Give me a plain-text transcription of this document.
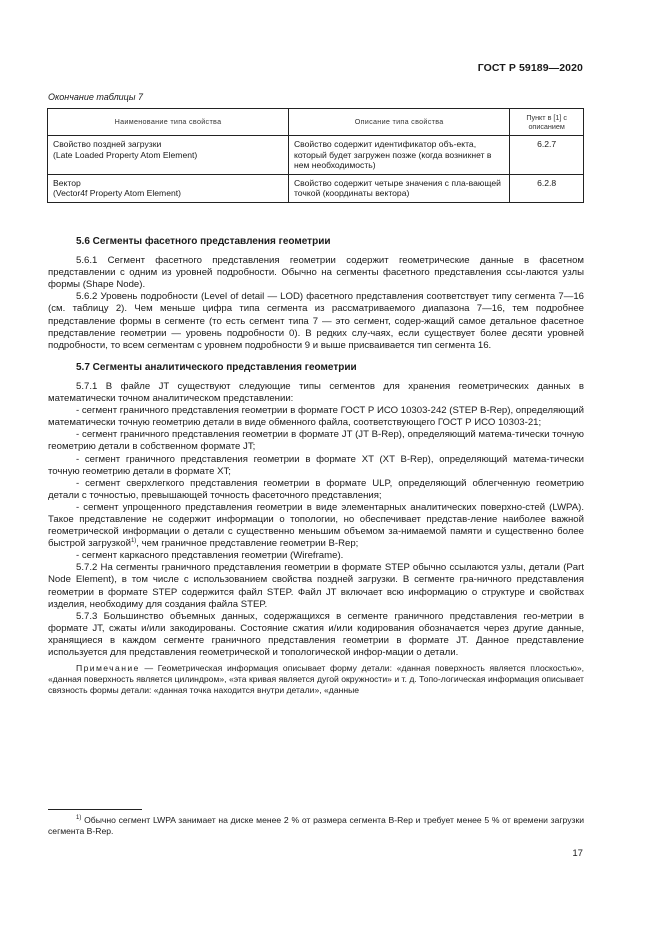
ГОСТ Р 59189—2020
Окончание таблицы 7
Наименование типа свойства	Описание типа свойства	Пункт в [1] с описанием

Свойство поздней загрузки
(Late Loaded Property Atom Element)	Свойство содержит идентификатор объ-екта, который будет загружен позже (когда возникнет в нем необходимость)	6.2.7

Вектор
(Vector4f Property Atom Element)	Свойство содержит четыре значения с пла-вающей точкой (координаты вектора)	6.2.8
5.6 Сегменты фасетного представления геометрии

5.6.1 Сегмент фасетного представления геометрии содержит геометрические данные в фасетном представлении с одним из уровней подробности. Обычно на сегменты фасетного представления ссы-лаются узлы формы (Shape Node).

5.6.2 Уровень подробности (Level of detail — LOD) фасетного представления соответствует типу сегмента 7—16 (см. таблицу 2). Чем меньше цифра типа сегмента из рассматриваемого диапазона 7—16, тем подробнее представление формы в сегменте (то есть сегмент типа 7 — это сегмент, содер-жащий самое детальное фасетное представление геометрии — уровень подробности 0). В редких слу-чаях, если существует более десяти уровней подробности, то всем сегментам с уровнем подробности 9 и выше присваивается тип сегмента 16.

5.7 Сегменты аналитического представления геометрии

5.7.1 В файле JT существуют следующие типы сегментов для хранения геометрических данных в математически точном аналитическом представлении:

- сегмент граничного представления геометрии в формате ГОСТ Р ИСО 10303-242 (STEP B-Rep), определяющий математически точную геометрию детали в виде обменного файла, соответствующего ГОСТ Р ИСО 10303-21;

- сегмент граничного представления геометрии в формате JT (JT B-Rep), определяющий матема-тически точную геометрию детали в собственном формате JT;

- сегмент граничного представления геометрии в формате XT (XT B-Rep), определяющий матема-тически точную геометрию детали в формате XT;

- сегмент сверхлегкого представления геометрии в формате ULP, определяющий облегченную геометрию детали с точностью, превышающей точность фасеточного представления;

- сегмент упрощенного представления геометрии в виде элементарных аналитических поверхно-стей (LWPA). Такое представление не содержит информации о топологии, но обеспечивает представ-ление наиболее важной геометрической информации о детали с существенно меньшим объемом за-нимаемой памяти и существенно более быстрой загрузкой$^{1)}$, чем граничное представление геометрии B-Rep;

- сегмент каркасного представления геометрии (Wireframe).

5.7.2 На сегменты граничного представления геометрии в формате STEP обычно ссылаются узлы, детали (Part Node Element), в том числе с использованием свойства поздней загрузки. В сегменте гра-ничного представления геометрии в формате STEP содержится файл STEP. Файл JT включает всю информацию о структуре и свойствах изделия, необходиму для создания файла STEP.

5.7.3 Большинство объемных данных, содержащихся в сегменте граничного представления гео-метрии в формате JT, сжаты и/или закодированы. Состояние сжатия и/или кодирования обозначается через другие данные, хранящиеся в каждом сегменте граничного представления геометрии в формате JT. Данное представление используется для представления геометрической и топологической инфор-мации о детали.

Примечание — Геометрическая информация описывает форму детали: «данная поверхность является плоскостью», «данная поверхность является цилиндром», «эта кривая является дугой окружности» и т. д. Топо-логическая информация описывает связность формы детали: «данная точка находится внутри детали», «данные

$^{1)}$ Обычно сегмент LWPA занимает на диске менее 2 % от размера сегмента B-Rep и требует менее 5 % от времени загрузки сегмента B-Rep.
17
